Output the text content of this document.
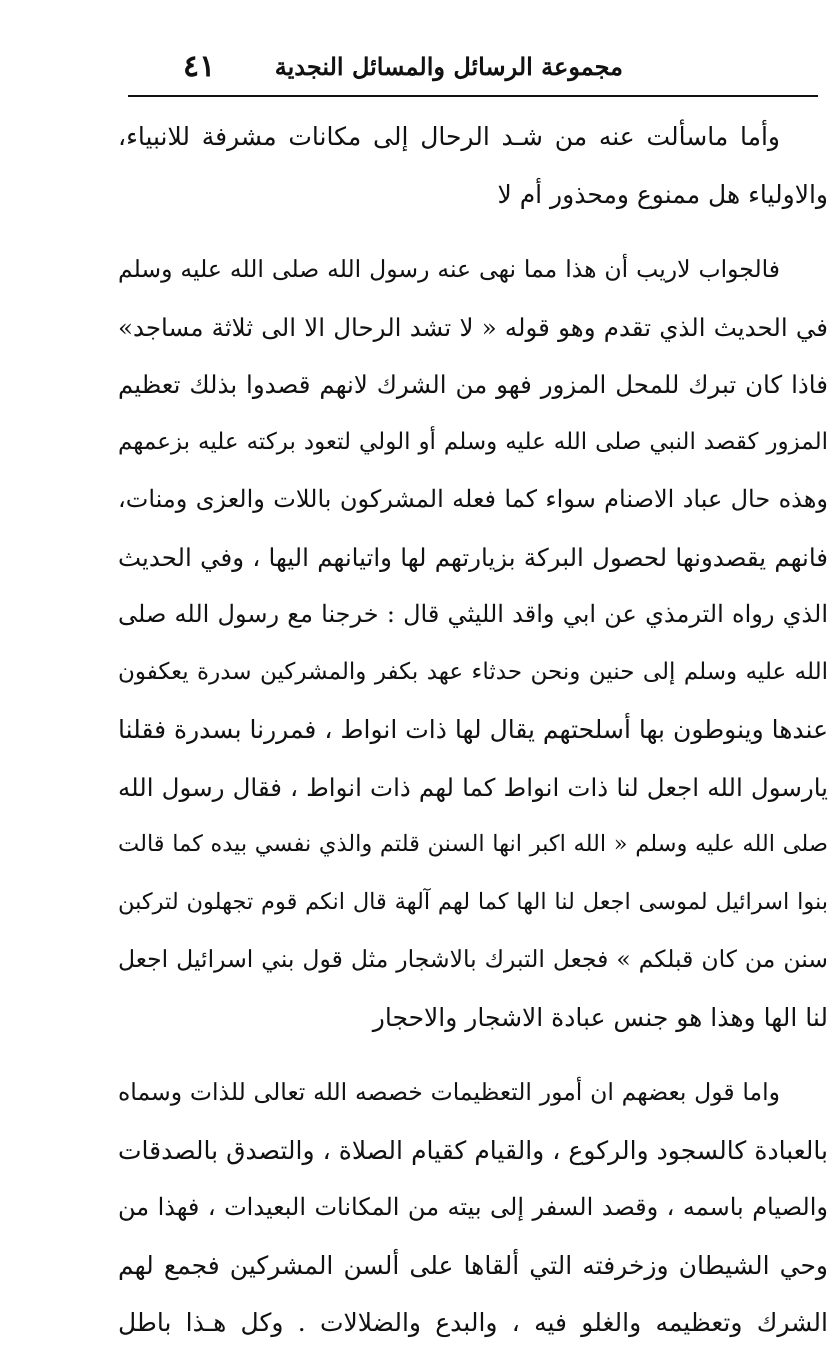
مجموعة الرسائل والمسائل النجدية
٤١
وأما ماسألت عنه من شـد الرحال إلى مكانات مشرفة للانبياء،
والاولياء هل ممنوع ومحذور أم لا
فالجواب لاريب أن هذا مما نهى عنه رسول الله صلى الله عليه وسلم
في الحديث الذي تقدم وهو قوله « لا تشد الرحال الا الى ثلاثة مساجد»
فاذا كان تبرك للمحل المزور فهو من الشرك لانهم قصدوا بذلك تعظيم
المزور كقصد النبي صلى الله عليه وسلم أو الولي لتعود بركته عليه بزعمهم
وهذه حال عباد الاصنام سواء كما فعله المشركون باللات والعزى ومنات،
فانهم يقصدونها لحصول البركة بزيارتهم لها واتيانهم اليها ، وفي الحديث
الذي رواه الترمذي عن ابي واقد الليثي قال : خرجنا مع رسول الله صلى
الله عليه وسلم إلى حنين ونحن حدثاء عهد بكفر والمشركين سدرة يعكفون
عندها وينوطون بها أسلحتهم يقال لها ذات انواط ، فمررنا بسدرة فقلنا
يارسول الله اجعل لنا ذات انواط كما لهم ذات انواط ، فقال رسول الله
صلى الله عليه وسلم « الله اكبر انها السنن قلتم والذي نفسي بيده كما قالت
بنوا اسرائيل لموسى اجعل لنا الها كما لهم آلهة قال انكم قوم تجهلون لتركبن
سنن من كان قبلكم » فجعل التبرك بالاشجار مثل قول بني اسرائيل اجعل
لنا الها وهذا هو جنس عبادة الاشجار والاحجار
واما قول بعضهم ان أمور التعظيمات خصصه الله تعالى للذات وسماه
بالعبادة كالسجود والركوع ، والقيام كقيام الصلاة ، والتصدق بالصدقات
والصيام باسمه ، وقصد السفر إلى بيته من المكانات البعيدات ، فهذا من
وحي الشيطان وزخرفته التي ألقاها على ألسن المشركين فجمع لهم
الشرك وتعظيمه والغلو فيه ، والبدع والضلالات . وكل هـذا باطل
